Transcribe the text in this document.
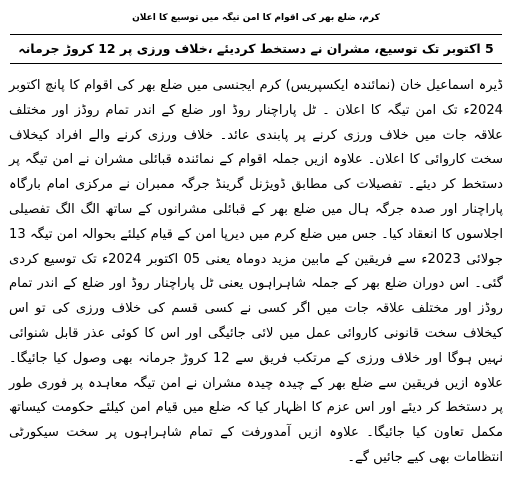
کرم، ضلع بھر کی اقوام کا امن تیگہ میں توسیع کا اعلان
5 اکتوبر تک توسیع، مشران نے دستخط کردیئے ،خلاف ورزی پر 12 کروڑ جرمانہ

ڈیرہ اسماعیل خان (نمائندہ ایکسپریس) کرم ایجنسی میں ضلع بھر کی اقوام کا پانچ اکتوبر 2024ء تک امن تیگہ کا اعلان ۔ ٹل پاراچنار روڈ اور ضلع کے اندر تمام روڈز اور مختلف علاقہ جات میں خلاف ورزی کرنے پر پابندی عائد۔ خلاف ورزی کرنے والے افراد کیخلاف سخت کاروائی کا اعلان۔ علاوہ ازیں جملہ اقوام کے نمائندہ قبائلی مشران نے امن تیگہ پر دستخط کر دیئے۔ تفصیلات کی مطابق ڈویژنل گرینڈ جرگہ ممبران نے مرکزی امام بارگاہ پاراچنار اور صدہ جرگہ ہال میں ضلع بھر کے قبائلی مشرانوں کے ساتھ الگ الگ تفصیلی اجلاسوں کا انعقاد کیا۔ جس میں ضلع کرم میں دیرپا امن کے قیام کیلئے بحوالہ امن تیگہ 13 جولائی 2023ء سے فریقین کے مابین مزید دوماہ یعنی 05 اکتوبر 2024ء تک توسیع کردی گئی۔ اس دوران ضلع بھر کے جملہ شاہراہوں یعنی ٹل پاراچنار روڈ اور ضلع کے اندر تمام روڈز اور مختلف علاقہ جات میں اگر کسی نے کسی قسم کی خلاف ورزی کی تو اس کیخلاف سخت قانونی کاروائی عمل میں لائی جائیگی اور اس کا کوئی عذر قابل شنوائی نہیں ہوگا اور خلاف ورزی کے مرتکب فریق سے 12 کروڑ جرمانہ بھی وصول کیا جائیگا۔ علاوہ ازیں فریقین سے ضلع بھر کے چیدہ چیدہ مشران نے امن تیگہ معاہدہ پر فوری طور پر دستخط کر دیئے اور اس عزم کا اظہار کیا کہ ضلع میں قیام امن کیلئے حکومت کیساتھ مکمل تعاون کیا جائیگا۔ علاوہ ازیں آمدورفت کے تمام شاہراہوں پر سخت سیکورٹی انتظامات بھی کیے جائیں گے۔
